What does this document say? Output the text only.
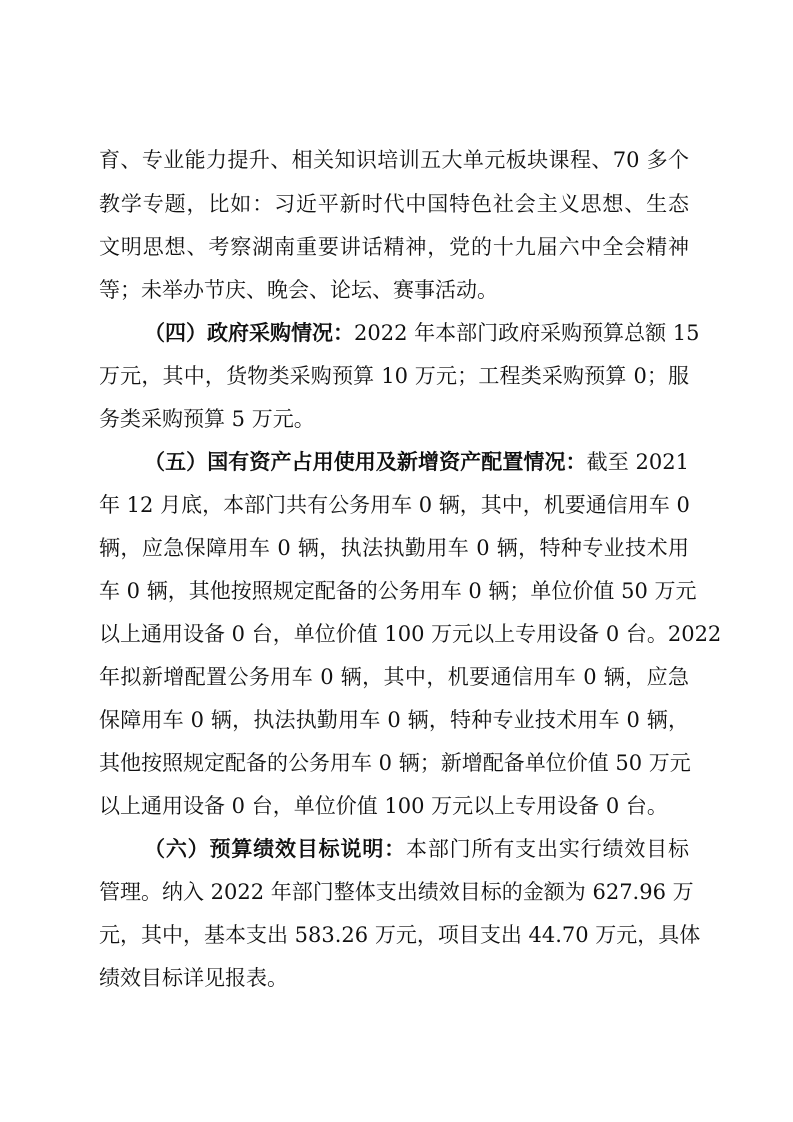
育、专业能力提升、相关知识培训五大单元板块课程、70 多个
教学专题，比如：习近平新时代中国特色社会主义思想、生态
文明思想、考察湖南重要讲话精神，党的十九届六中全会精神
等；未举办节庆、晚会、论坛、赛事活动。
（四）政府采购情况：2022 年本部门政府采购预算总额 15
万元，其中，货物类采购预算 10 万元；工程类采购预算 0；服
务类采购预算 5 万元。
（五）国有资产占用使用及新增资产配置情况：截至 2021
年 12 月底，本部门共有公务用车 0 辆，其中，机要通信用车 0
辆，应急保障用车 0 辆，执法执勤用车 0 辆，特种专业技术用
车 0 辆，其他按照规定配备的公务用车 0 辆；单位价值 50 万元
以上通用设备 0 台，单位价值 100 万元以上专用设备 0 台。2022
年拟新增配置公务用车 0 辆，其中，机要通信用车 0 辆，应急
保障用车 0 辆，执法执勤用车 0 辆，特种专业技术用车 0 辆，
其他按照规定配备的公务用车 0 辆；新增配备单位价值 50 万元
以上通用设备 0 台，单位价值 100 万元以上专用设备 0 台。
（六）预算绩效目标说明：本部门所有支出实行绩效目标
管理。纳入 2022 年部门整体支出绩效目标的金额为 627.96 万
元，其中，基本支出 583.26 万元，项目支出 44.70 万元，具体
绩效目标详见报表。
